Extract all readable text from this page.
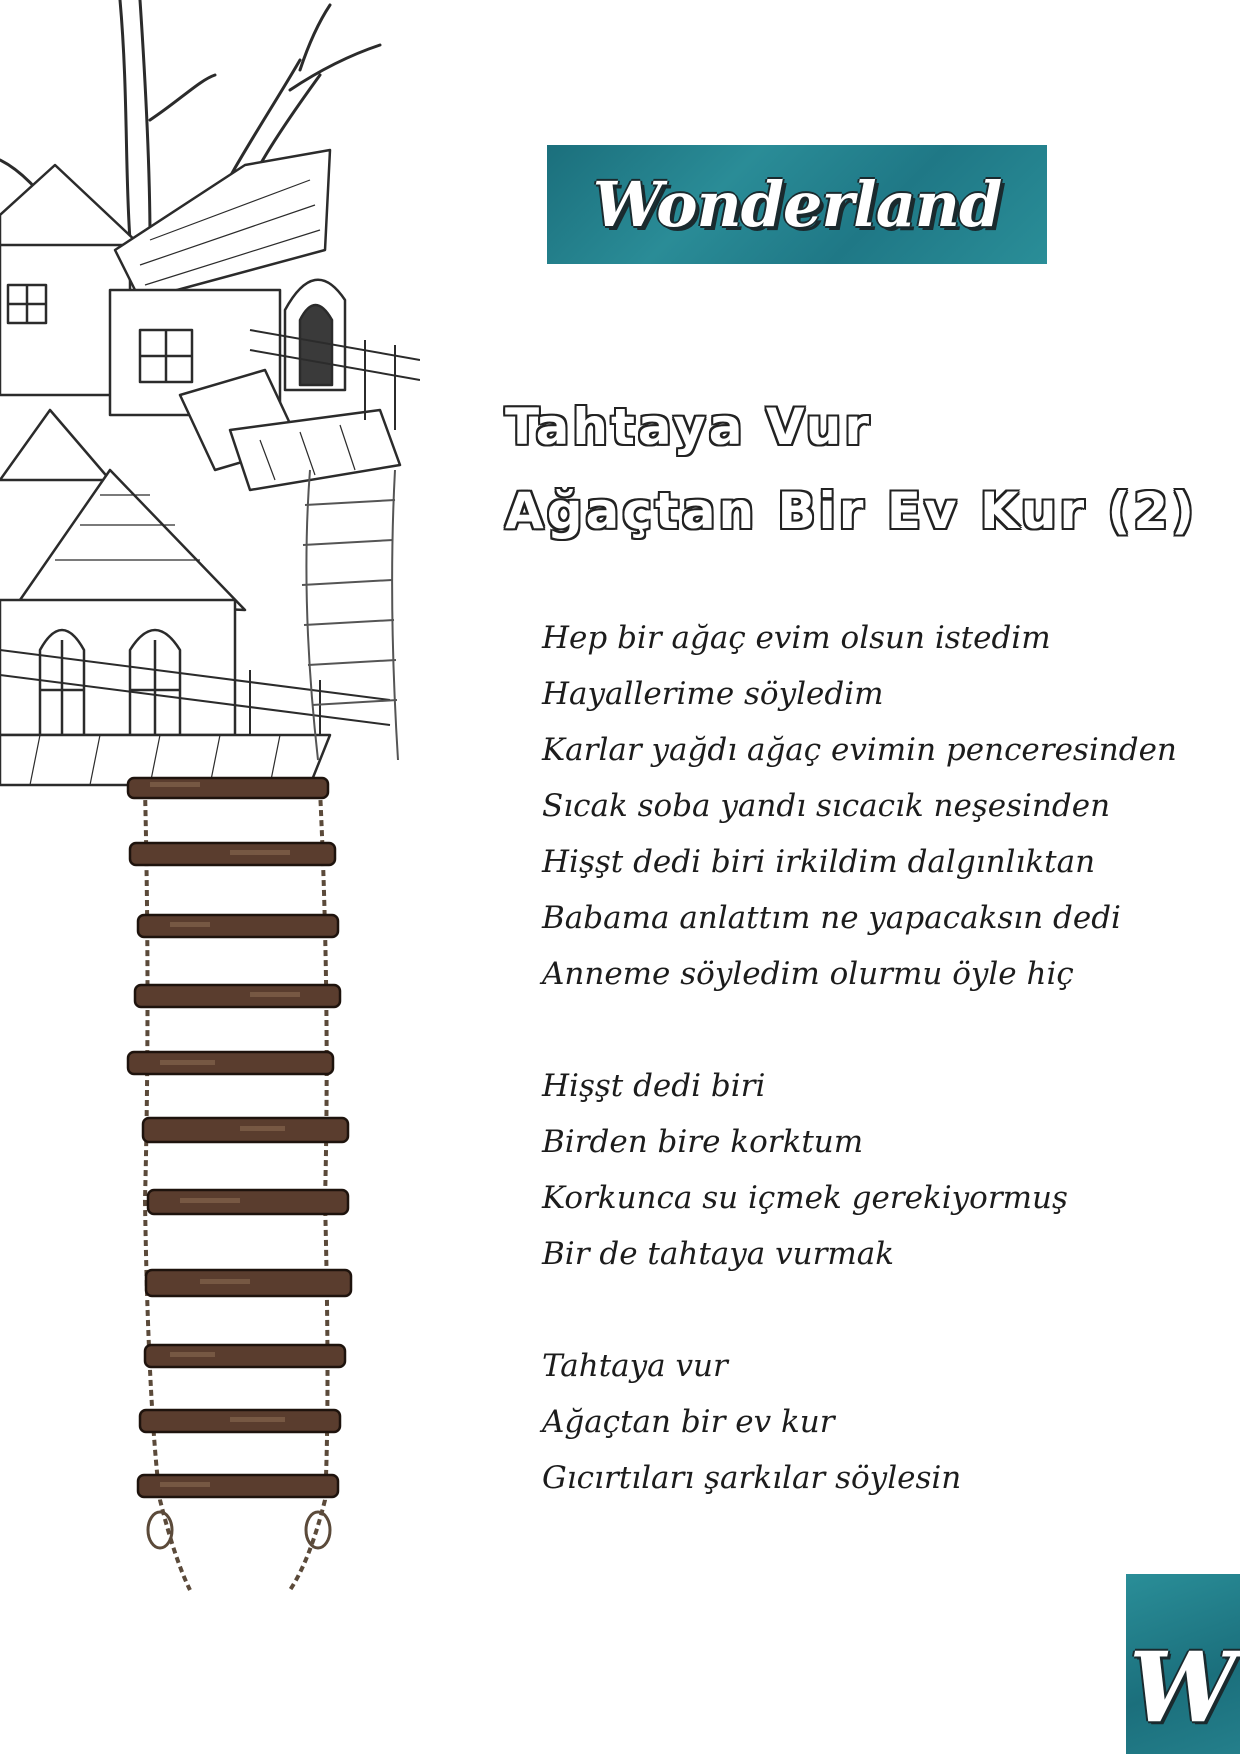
Wonderland
Tahtaya Vur
Ağaçtan Bir Ev Kur (2)
Hep bir ağaç evim olsun istedim
Hayallerime söyledim
Karlar yağdı ağaç evimin penceresinden
Sıcak soba yandı sıcacık neşesinden
Hişşt dedi biri irkildim dalgınlıktan
Babama anlattım ne yapacaksın dedi
Anneme söyledim olurmu öyle hiç
Hişşt dedi biri
Birden bire korktum
Korkunca su içmek gerekiyormuş
Bir de tahtaya vurmak
Tahtaya vur
Ağaçtan bir ev kur
Gıcırtıları şarkılar söylesin
W
